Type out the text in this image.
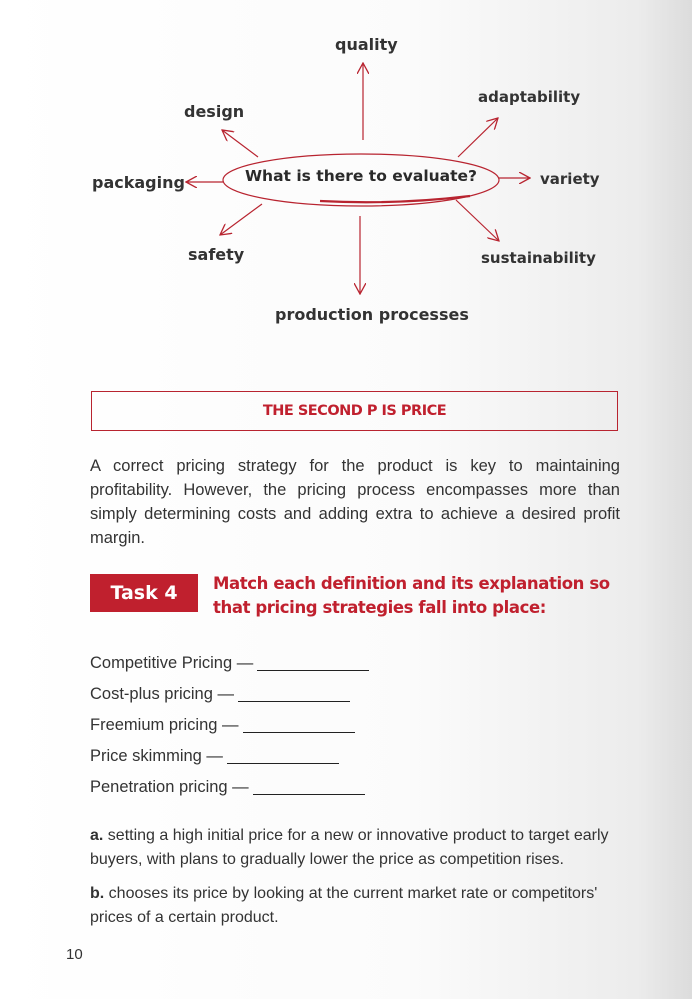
What is there to evaluate?
quality
design
adaptability
packaging	variety
safety	sustainability
production processes
THE SECOND P IS PRICE
A correct pricing strategy for the product is key to maintaining profitability. However, the pricing process encompasses more than simply determining costs and adding extra to achieve a desired profit margin.
Task 4 Match each definition and its explanation so that pricing strategies fall into place:
Competitive Pricing —
Cost-plus pricing —
Freemium pricing —
Price skimming —
Penetration pricing —
a. setting a high initial price for a new or innovative product to target early buyers, with plans to gradually lower the price as competition rises.
b. chooses its price by looking at the current market rate or competitors' prices of a certain product.
10
